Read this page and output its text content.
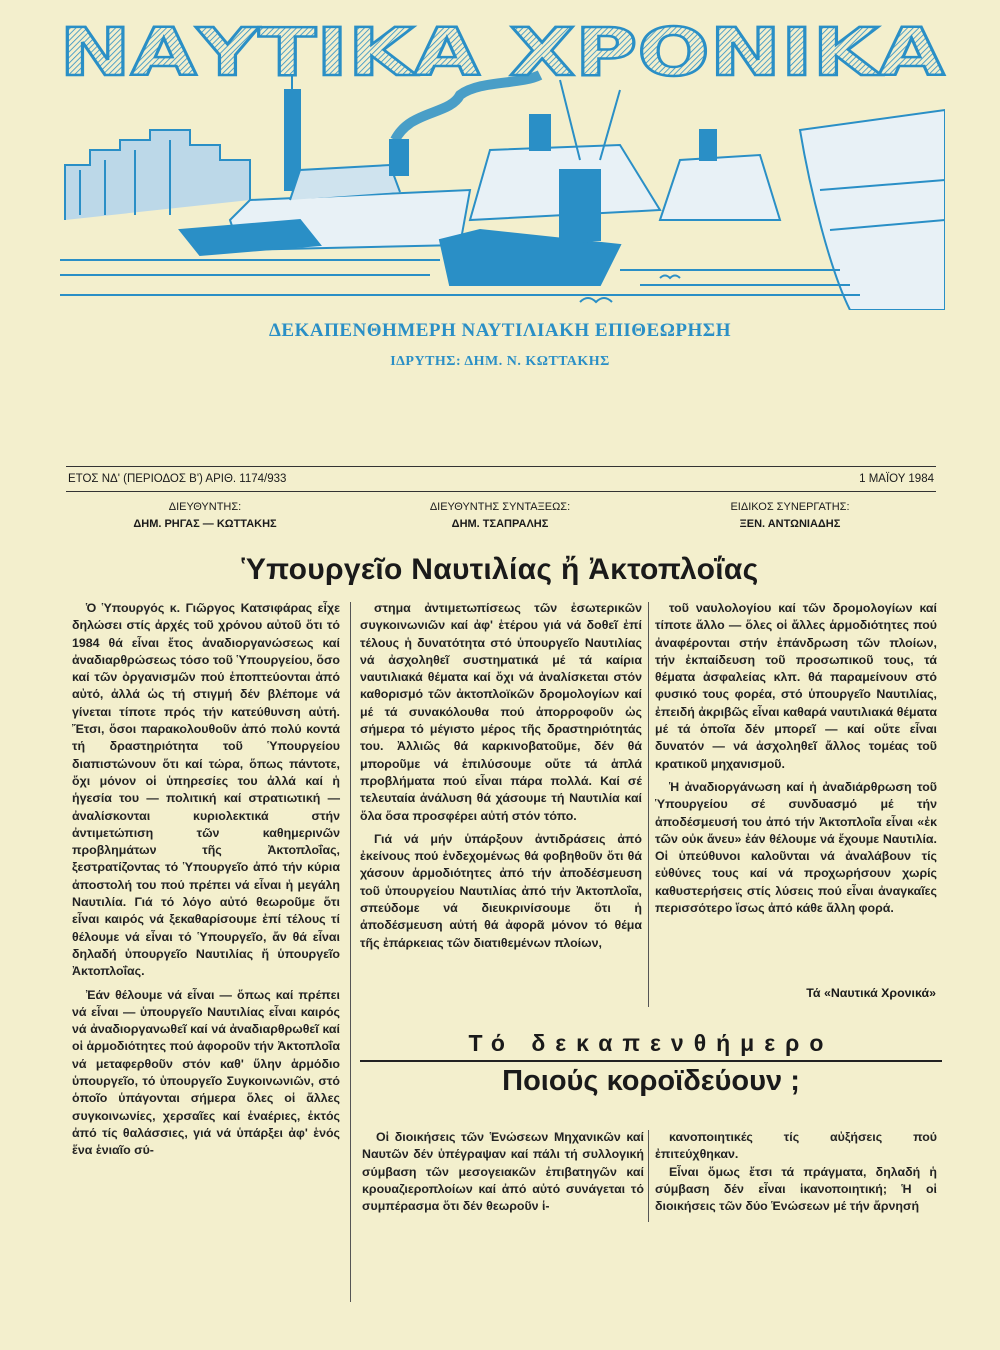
ΝΑΥΤΙΚΑ ΧΡΟΝΙΚΑ
ΔΕΚΑΠΕΝΘΗΜΕΡΗ ΝΑΥΤΙΛΙΑΚΗ ΕΠΙΘΕΩΡΗΣΗ
ΙΔΡΥΤΗΣ: ΔΗΜ. Ν. ΚΩΤΤΑΚΗΣ
ΕΤΟΣ ΝΔ' (ΠΕΡΙΟΔΟΣ Β') ΑΡΙΘ. 1174/933	1 ΜΑΪΟΥ 1984
ΔΙΕΥΘΥΝΤΗΣ:
ΔΗΜ. ΡΗΓΑΣ — ΚΩΤΤΑΚΗΣ
ΔΙΕΥΘΥΝΤΗΣ ΣΥΝΤΑΞΕΩΣ:
ΔΗΜ. ΤΣΑΠΡΑΛΗΣ
ΕΙΔΙΚΟΣ ΣΥΝΕΡΓΑΤΗΣ:
ΞΕΝ. ΑΝΤΩΝΙΑΔΗΣ
Ὑπουργεῖο Ναυτιλίας ἤ Ἀκτοπλοΐας

Ὁ Ὑπουργός κ. Γιῶργος Κατσιφάρας εἶχε δηλώσει στίς ἀρχές τοῦ χρόνου αὐτοῦ ὅτι τό 1984 θά εἶναι ἔτος ἀναδιοργανώσεως καί ἀναδιαρθρώσεως τόσο τοῦ Ὑπουργείου, ὅσο καί τῶν ὀργανισμῶν πού ἐποπτεύονται ἀπό αὐτό, ἀλλά ὡς τή στιγμή δέν βλέπομε νά γίνεται τίποτε πρός τήν κατεύθυνση αὐτή. Ἔτσι, ὅσοι παρακολουθοῦν ἀπό πολύ κοντά τή δραστηριότητα τοῦ Ὑπουργείου διαπιστώνουν ὅτι καί τώρα, ὅπως πάντοτε, ὄχι μόνον οἱ ὑπηρεσίες του ἀλλά καί ἡ ἡγεσία του — πολιτική καί στρατιωτική — ἀναλίσκονται κυριολεκτικά στήν ἀντιμετώπιση τῶν καθημερινῶν προβλημάτων τῆς Ἀκτοπλοΐας, ξεστρατίζοντας τό Ὑπουργεῖο ἀπό τήν κύρια ἀποστολή του πού πρέπει νά εἶναι ἡ μεγάλη Ναυτιλία. Γιά τό λόγο αὐτό θεωροῦμε ὅτι εἶναι καιρός νά ξεκαθαρίσουμε ἐπί τέλους τί θέλουμε νά εἶναι τό Ὑπουργεῖο, ἄν θά εἶναι δηλαδή ὑπουργεῖο Ναυτιλίας ἤ ὑπουργεῖο Ἀκτοπλοΐας.

Ἐάν θέλουμε νά εἶναι — ὅπως καί πρέπει νά εἶναι — ὑπουργεῖο Ναυτιλίας εἶναι καιρός νά ἀναδιοργανωθεῖ καί νά ἀναδιαρθρωθεῖ καί οἱ ἁρμοδιότητες πού ἀφοροῦν τήν Ἀκτοπλοΐα νά μεταφερθοῦν στόν καθ' ὕλην ἁρμόδιο ὑπουργεῖο, τό ὑπουργεῖο Συγκοινωνιῶν, στό ὁποῖο ὑπάγονται σήμερα ὅλες οἱ ἄλλες συγκοινωνίες, χερσαῖες καί ἐναέριες, ἐκτός ἀπό τίς θαλάσσιες, γιά νά ὑπάρξει ἀφ' ἑνός ἕνα ἑνιαῖο σύ-

στημα ἀντιμετωπίσεως τῶν ἐσωτερικῶν συγκοινωνιῶν καί ἀφ' ἑτέρου γιά νά δοθεῖ ἐπί τέλους ἡ δυνατότητα στό ὑπουργεῖο Ναυτιλίας νά ἀσχοληθεῖ συστηματικά μέ τά καίρια ναυτιλιακά θέματα καί ὄχι νά ἀναλίσκεται στόν καθορισμό τῶν ἀκτοπλοϊκῶν δρομολογίων καί μέ τά συνακόλουθα πού ἀπορροφοῦν ὡς σήμερα τό μέγιστο μέρος τῆς δραστηριότητάς του. Ἀλλιῶς θά καρκινοβατοῦμε, δέν θά μποροῦμε νά ἐπιλύσουμε οὔτε τά ἁπλά προβλήματα πού εἶναι πάρα πολλά. Καί σέ τελευταία ἀνάλυση θά χάσουμε τή Ναυτιλία καί ὅλα ὅσα προσφέρει αὐτή στόν τόπο.

Γιά νά μήν ὑπάρξουν ἀντιδράσεις ἀπό ἐκείνους πού ἐνδεχομένως θά φοβηθοῦν ὅτι θά χάσουν ἁρμοδιότητες ἀπό τήν ἀποδέσμευση τοῦ ὑπουργείου Ναυτιλίας ἀπό τήν Ἀκτοπλοΐα, σπεύδομε νά διευκρινίσουμε ὅτι ἡ ἀποδέσμευση αὐτή θά ἀφορᾶ μόνον τό θέμα τῆς ἐπάρκειας τῶν διατιθεμένων πλοίων,

τοῦ ναυλολογίου καί τῶν δρομολογίων καί τίποτε ἄλλο — ὅλες οἱ ἄλλες ἁρμοδιότητες πού ἀναφέρονται στήν ἐπάνδρωση τῶν πλοίων, τήν ἐκπαίδευση τοῦ προσωπικοῦ τους, τά θέματα ἀσφαλείας κλπ. θά παραμείνουν στό φυσικό τους φορέα, στό ὑπουργεῖο Ναυτιλίας, ἐπειδή ἀκριβῶς εἶναι καθαρά ναυτιλιακά θέματα μέ τά ὁποῖα δέν μπορεῖ — καί οὔτε εἶναι δυνατόν — νά ἀσχοληθεῖ ἄλλος τομέας τοῦ κρατικοῦ μηχανισμοῦ.

Ἡ ἀναδιοργάνωση καί ἡ ἀναδιάρθρωση τοῦ Ὑπουργείου σέ συνδυασμό μέ τήν ἀποδέσμευσή του ἀπό τήν Ἀκτοπλοΐα εἶναι «ἐκ τῶν οὐκ ἄνευ» ἐάν θέλουμε νά ἔχουμε Ναυτιλία. Οἱ ὑπεύθυνοι καλοῦνται νά ἀναλάβουν τίς εὐθύνες τους καί νά προχωρήσουν χωρίς καθυστερήσεις στίς λύσεις πού εἶναι ἀναγκαῖες περισσότερο ἴσως ἀπό κάθε ἄλλη φορά.

Τά «Ναυτικά Χρονικά»
Τό δεκαπενθήμερο
Ποιούς κοροϊδεύουν ;

Οἱ διοικήσεις τῶν Ἑνώσεων Μηχανικῶν καί Ναυτῶν δέν ὑπέγραψαν καί πάλι τή συλλογική σύμβαση τῶν μεσογειακῶν ἐπιβατηγῶν καί κρουαζιεροπλοίων καί ἀπό αὐτό συνάγεται τό συμπέρασμα ὅτι δέν θεωροῦν ἱ-

κανοποιητικές τίς αὐξήσεις πού ἐπιτεύχθηκαν.

Εἶναι ὅμως ἔτσι τά πράγματα, δηλαδή ἡ σύμβαση δέν εἶναι ἱκανοποιητική; Ἡ οἱ διοικήσεις τῶν δύο Ἑνώσεων μέ τήν ἄρνησή
